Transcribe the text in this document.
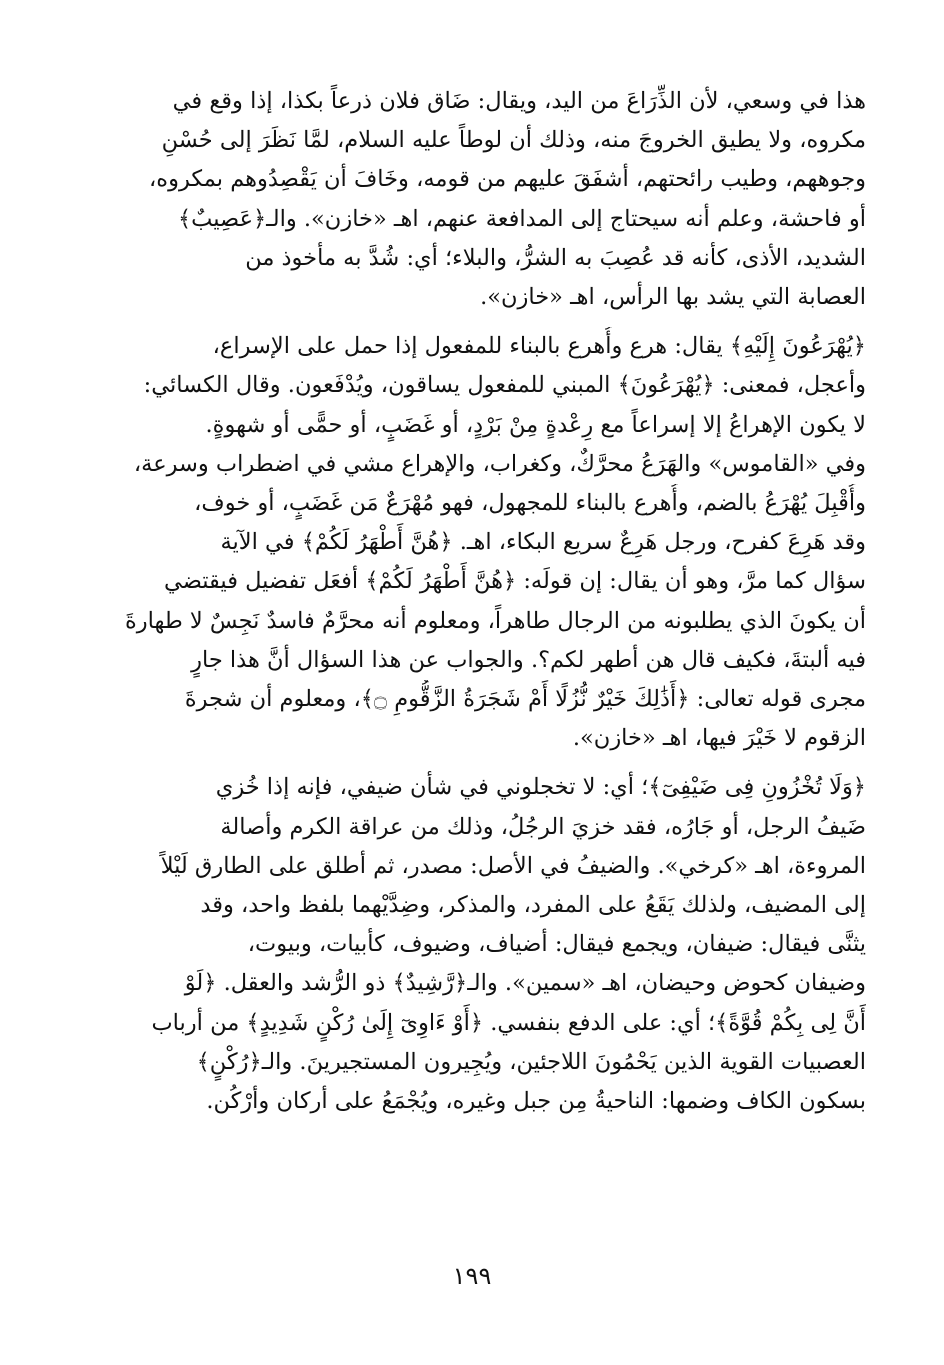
هذا في وسعي، لأن الذِّرَاعَ من اليد، ويقال: ضَاق فلان ذرعاً بكذا، إذا وقع في
مكروه، ولا يطيق الخروجَ منه، وذلك أن لوطاً عليه السلام، لمَّا نَظَرَ إلى حُسْنِ
وجوههم، وطيب رائحتهم، أشفَقَ عليهم من قومه، وخَافَ أن يَقْصِدُوهم بمكروه،
أو فاحشة، وعلم أنه سيحتاج إلى المدافعة عنهم، اهـ «خازن». والـ﴿عَصِيبٌ﴾
الشديد، الأذى، كأنه قد عُصِبَ به الشرُّ، والبلاء؛ أي: شُدَّ به مأخوذ من
العصابة التي يشد بها الرأس، اهـ «خازن».
﴿يُهْرَعُونَ إِلَيْهِ﴾ يقال: هرع وأُهرع بالبناء للمفعول إذا حمل على الإسراع،
وأعجل، فمعنى: ﴿يُهْرَعُونَ﴾ المبني للمفعول يساقون، ويُدْفَعون. وقال الكسائي:
لا يكون الإهراعُ إلا إسراعاً مع رِعْدةٍ مِنْ بَرْدٍ، أو غَضَبٍ، أو حمًّى أو شهوةٍ.
وفي «القاموس» والهَرَعُ محرَّكٌ، وكغراب، والإهراع مشي في اضطراب وسرعة،
وأُقْبِلَ يُهْرَعُ بالضم، وأُهرع بالبناء للمجهول، فهو مُهْرَعٌ مَن غَضَبٍ، أو خوف،
وقد هَرِعَ كفرح، ورجل هَرِعٌ سريع البكاء، اهـ. ﴿هُنَّ أَطْهَرُ لَكُمْ﴾ في الآية
سؤال كما مرَّ، وهو أن يقال: إن قولَه: ﴿هُنَّ أَطْهَرُ لَكُمْ﴾ أفعَل تفضيل فيقتضي
أن يكونَ الذي يطلبونه من الرجال طاهراً، ومعلوم أنه محرَّمٌ فاسدٌ نَجِسٌ لا طهارةَ
فيه ألبتةَ، فكيف قال هن أطهر لكم؟. والجواب عن هذا السؤال أنَّ هذا جارٍ
مجرى قوله تعالى: ﴿أَذَٰلِكَ خَيْرٌ نُّزُلًا أَمْ شَجَرَةُ الزَّقُّومِ ۝﴾، ومعلوم أن شجرةَ
الزقوم لا خَيْرَ فيها، اهـ «خازن».
﴿وَلَا تُخْزُونِ فِى ضَيْفِىٓ﴾؛ أي: لا تخجلوني في شأن ضيفي، فإنه إذا خُزي
ضَيفُ الرجل، أو جَارُه، فقد خزيَ الرجُلُ، وذلك من عراقة الكرم وأصالة
المروءة، اهـ «كرخي». والضيفُ في الأصل: مصدر، ثم أطلق على الطارق لَيْلاً
إلى المضيف، ولذلك يَقَعُ على المفرد، والمذكر، وضِدَّيْهما بلفظ واحد، وقد
يثنَّى فيقال: ضيفان، ويجمع فيقال: أضياف، وضيوف، كأبيات، وبيوت،
وضيفان كحوض وحيضان، اهـ «سمين». والـ﴿رَّشِيدٌ﴾ ذو الرُّشد والعقل. ﴿لَوْ
أَنَّ لِى بِكُمْ قُوَّةً﴾؛ أي: على الدفع بنفسي. ﴿أَوْ ءَاوِىٓ إِلَىٰ رُكْنٍ شَدِيدٍ﴾ من أرباب
العصبيات القوية الذين يَحْمُونَ اللاجئين، ويُجِيرون المستجيرينَ. والـ﴿رُكْنٍ﴾
بسكون الكاف وضمها: الناحيةُ مِن جبل وغيره، ويُجْمَعُ على أركان وأرْكُن.
١٩٩
